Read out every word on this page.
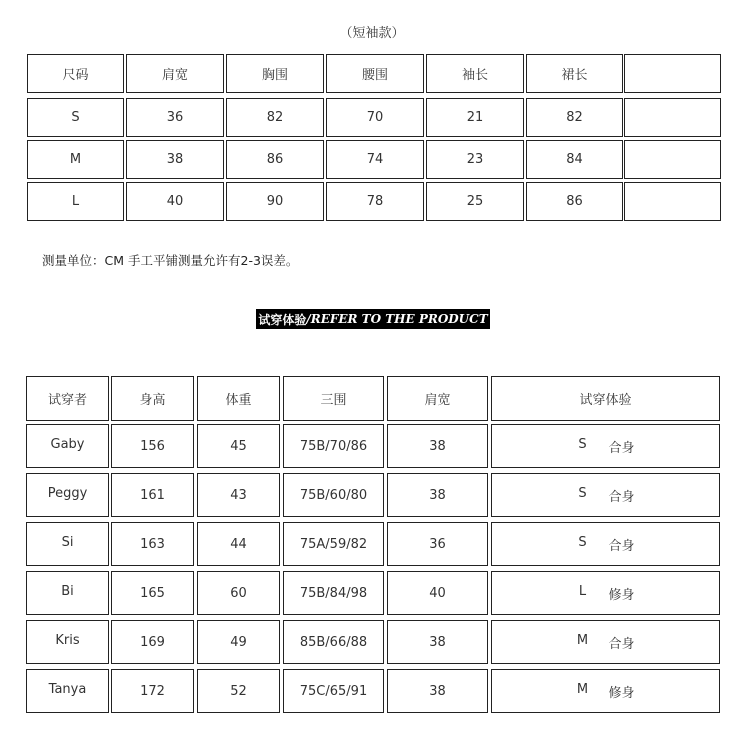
（短袖款）
尺码	肩宽	胸围	腰围	袖长	裙长
S	36	82	70	21	82
M	38	86	74	23	84
L	40	90	78	25	86
测量单位：CM 手工平铺测量允许有2-3误差。
试穿体验 /REFER TO THE PRODUCT
试穿者	身高	体重	三围	肩宽	试穿体验
Gaby	156	45	75B/70/86	38	S	合身
Peggy	161	43	75B/60/80	38	S	合身
Si	163	44	75A/59/82	36	S	合身
Bi	165	60	75B/84/98	40	L	修身
Kris	169	49	85B/66/88	38	M	合身
Tanya	172	52	75C/65/91	38	M	修身
